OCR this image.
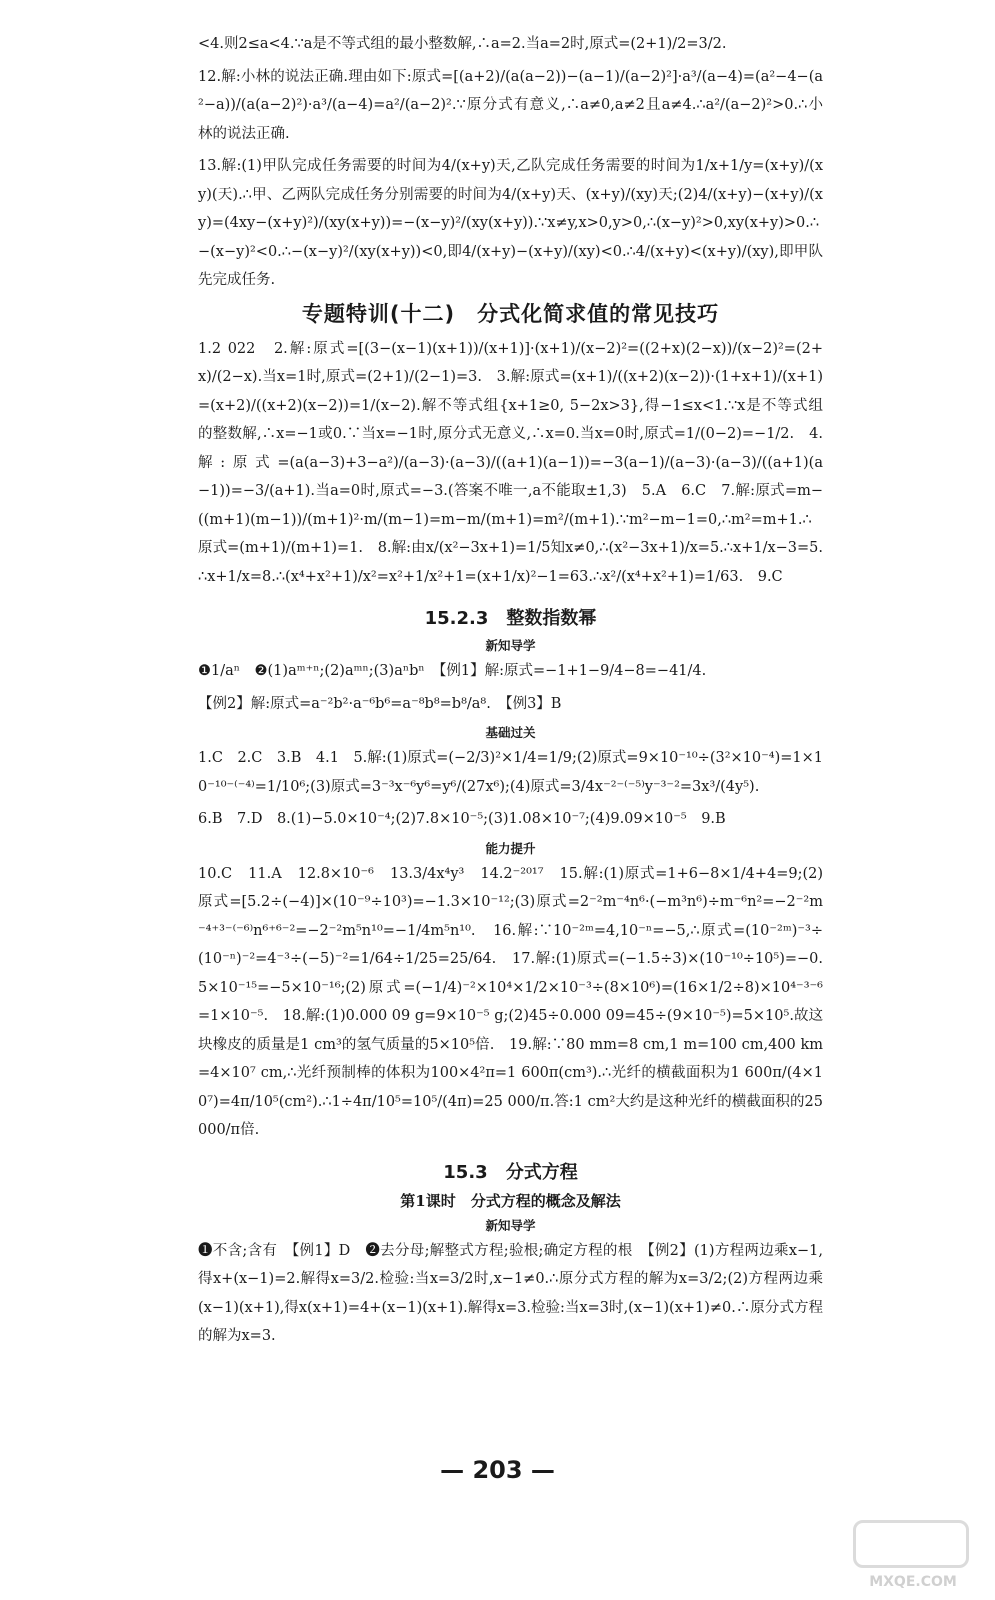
<4.则2≤a<4.∵a是不等式组的最小整数解,∴a=2.当a=2时,原式=(2+1)/2=3/2.

12.解:小林的说法正确.理由如下:原式=[(a+2)/(a(a−2))−(a−1)/(a−2)²]·a³/(a−4)=(a²−4−(a²−a))/(a(a−2)²)·a³/(a−4)=a²/(a−2)².∵原分式有意义,∴a≠0,a≠2且a≠4.∴a²/(a−2)²>0.∴小林的说法正确.

13.解:(1)甲队完成任务需要的时间为4/(x+y)天,乙队完成任务需要的时间为1/x+1/y=(x+y)/(xy)(天).∴甲、乙两队完成任务分别需要的时间为4/(x+y)天、(x+y)/(xy)天;(2)4/(x+y)−(x+y)/(xy)=(4xy−(x+y)²)/(xy(x+y))=−(x−y)²/(xy(x+y)).∵x≠y,x>0,y>0,∴(x−y)²>0,xy(x+y)>0.∴−(x−y)²<0.∴−(x−y)²/(xy(x+y))<0,即4/(x+y)−(x+y)/(xy)<0.∴4/(x+y)<(x+y)/(xy),即甲队先完成任务.

专题特训(十二)　分式化简求值的常见技巧

1.2 022　2.解:原式=[(3−(x−1)(x+1))/(x+1)]·(x+1)/(x−2)²=((2+x)(2−x))/(x−2)²=(2+x)/(2−x).当x=1时,原式=(2+1)/(2−1)=3.　3.解:原式=(x+1)/((x+2)(x−2))·(1+x+1)/(x+1)=(x+2)/((x+2)(x−2))=1/(x−2).解不等式组{x+1≥0, 5−2x>3},得−1≤x<1.∵x是不等式组的整数解,∴x=−1或0.∵当x=−1时,原分式无意义,∴x=0.当x=0时,原式=1/(0−2)=−1/2.　4.解:原式=(a(a−3)+3−a²)/(a−3)·(a−3)/((a+1)(a−1))=−3(a−1)/(a−3)·(a−3)/((a+1)(a−1))=−3/(a+1).当a=0时,原式=−3.(答案不唯一,a不能取±1,3)　5.A　6.C　7.解:原式=m−((m+1)(m−1))/(m+1)²·m/(m−1)=m−m/(m+1)=m²/(m+1).∵m²−m−1=0,∴m²=m+1.∴原式=(m+1)/(m+1)=1.　8.解:由x/(x²−3x+1)=1/5知x≠0,∴(x²−3x+1)/x=5.∴x+1/x−3=5.∴x+1/x=8.∴(x⁴+x²+1)/x²=x²+1/x²+1=(x+1/x)²−1=63.∴x²/(x⁴+x²+1)=1/63.　9.C

15.2.3　整数指数幂
新知导学

❶1/aⁿ　❷(1)aᵐ⁺ⁿ;(2)aᵐⁿ;(3)aⁿbⁿ　【例1】解:原式=−1+1−9/4−8=−41/4.

【例2】解:原式=a⁻²b²·a⁻⁶b⁶=a⁻⁸b⁸=b⁸/a⁸.　【例3】B

基础过关

1.C　2.C　3.B　4.1　5.解:(1)原式=(−2/3)²×1/4=1/9;(2)原式=9×10⁻¹⁰÷(3²×10⁻⁴)=1×10⁻¹⁰⁻⁽⁻⁴⁾=1/10⁶;(3)原式=3⁻³x⁻⁶y⁶=y⁶/(27x⁶);(4)原式=3/4x⁻²⁻⁽⁻⁵⁾y⁻³⁻²=3x³/(4y⁵).

6.B　7.D　8.(1)−5.0×10⁻⁴;(2)7.8×10⁻⁵;(3)1.08×10⁻⁷;(4)9.09×10⁻⁵　9.B

能力提升

10.C　11.A　12.8×10⁻⁶　13.3/4x⁴y³　14.2⁻²⁰¹⁷　15.解:(1)原式=1+6−8×1/4+4=9;(2)原式=[5.2÷(−4)]×(10⁻⁹÷10³)=−1.3×10⁻¹²;(3)原式=2⁻²m⁻⁴n⁶·(−m³n⁶)÷m⁻⁶n²=−2⁻²m⁻⁴⁺³⁻⁽⁻⁶⁾n⁶⁺⁶⁻²=−2⁻²m⁵n¹⁰=−1/4m⁵n¹⁰.　16.解:∵10⁻²ᵐ=4,10⁻ⁿ=−5,∴原式=(10⁻²ᵐ)⁻³÷(10⁻ⁿ)⁻²=4⁻³÷(−5)⁻²=1/64÷1/25=25/64.　17.解:(1)原式=(−1.5÷3)×(10⁻¹⁰÷10⁵)=−0.5×10⁻¹⁵=−5×10⁻¹⁶;(2)原式=(−1/4)⁻²×10⁴×1/2×10⁻³÷(8×10⁶)=(16×1/2÷8)×10⁴⁻³⁻⁶=1×10⁻⁵.　18.解:(1)0.000 09 g=9×10⁻⁵ g;(2)45÷0.000 09=45÷(9×10⁻⁵)=5×10⁵.故这块橡皮的质量是1 cm³的氢气质量的5×10⁵倍.　19.解:∵80 mm=8 cm,1 m=100 cm,400 km=4×10⁷ cm,∴光纤预制棒的体积为100×4²π=1 600π(cm³).∴光纤的横截面积为1 600π/(4×10⁷)=4π/10⁵(cm²).∴1÷4π/10⁵=10⁵/(4π)=25 000/π.答:1 cm²大约是这种光纤的横截面积的25 000/π倍.

15.3　分式方程
第1课时　分式方程的概念及解法
新知导学

❶不含;含有　【例1】D　❷去分母;解整式方程;验根;确定方程的根　【例2】(1)方程两边乘x−1,得x+(x−1)=2.解得x=3/2.检验:当x=3/2时,x−1≠0.∴原分式方程的解为x=3/2;(2)方程两边乘(x−1)(x+1),得x(x+1)=4+(x−1)(x+1).解得x=3.检验:当x=3时,(x−1)(x+1)≠0.∴原分式方程的解为x=3.

— 203 —
MXQE.COM
